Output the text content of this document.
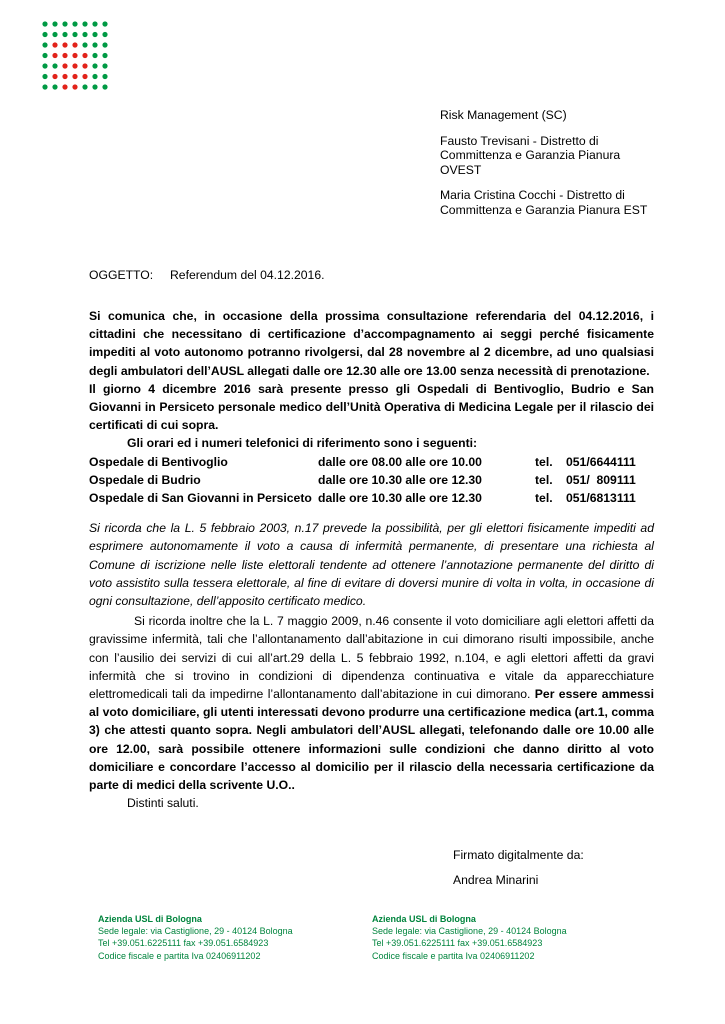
Risk Management (SC)

Fausto Trevisani - Distretto di
Committenza e Garanzia Pianura
OVEST

Maria Cristina Cocchi - Distretto di
Committenza e Garanzia Pianura EST

OGGETTO: Referendum del 04.12.2016.

Si comunica che, in occasione della prossima consultazione referendaria del 04.12.2016, i cittadini che necessitano di certificazione d’accompagnamento ai seggi perché fisicamente impediti al voto autonomo potranno rivolgersi, dal 28 novembre al 2 dicembre, ad uno qualsiasi degli ambulatori dell’AUSL allegati dalle ore 12.30 alle ore 13.00 senza necessità di prenotazione.

Il giorno 4 dicembre 2016 sarà presente presso gli Ospedali di Bentivoglio, Budrio e San Giovanni in Persiceto personale medico dell’Unità Operativa di Medicina Legale per il rilascio dei certificati di cui sopra.

Gli orari ed i numeri telefonici di riferimento sono i seguenti:

Ospedale di Bentivoglio	dalle ore 08.00 alle ore 10.00	tel.	051/6644111
Ospedale di Budrio	dalle ore 10.30 alle ore 12.30	tel.	051/  809111
Ospedale di San Giovanni in Persiceto dalle ore 10.30 alle ore 12.30	tel.	051/6813111

Si ricorda che la L. 5 febbraio 2003, n.17 prevede la possibilità, per gli elettori fisicamente impediti ad esprimere autonomamente il voto a causa di infermità permanente, di presentare una richiesta al Comune di iscrizione nelle liste elettorali tendente ad ottenere l’annotazione permanente del diritto di voto assistito sulla tessera elettorale, al fine di evitare di doversi munire di volta in volta, in occasione di ogni consultazione, dell’apposito certificato medico.

Si ricorda inoltre che la L. 7 maggio 2009, n.46 consente il voto domiciliare agli elettori affetti da gravissime infermità, tali che l’allontanamento dall’abitazione in cui dimorano risulti impossibile, anche con l’ausilio dei servizi di cui all’art.29 della L. 5 febbraio 1992, n.104, e agli elettori affetti da gravi infermità che si trovino in condizioni di dipendenza continuativa e vitale da apparecchiature elettromedicali tali da impedirne l’allontanamento dall’abitazione in cui dimorano. Per essere ammessi al voto domiciliare, gli utenti interessati devono produrre una certificazione medica (art.1, comma 3) che attesti quanto sopra. Negli ambulatori dell’AUSL allegati, telefonando dalle ore 10.00 alle ore 12.00, sarà possibile ottenere informazioni sulle condizioni che danno diritto al voto domiciliare e concordare l’accesso al domicilio per il rilascio della necessaria certificazione da parte di medici della scrivente U.O..

Distinti saluti.

Firmato digitalmente da:
Andrea Minarini
Azienda USL di Bologna
Sede legale: via Castiglione, 29 - 40124 Bologna
Tel +39.051.6225111 fax +39.051.6584923
Codice fiscale e partita Iva 02406911202
Azienda USL di Bologna
Sede legale: via Castiglione, 29 - 40124 Bologna
Tel +39.051.6225111 fax +39.051.6584923
Codice fiscale e partita Iva 02406911202
